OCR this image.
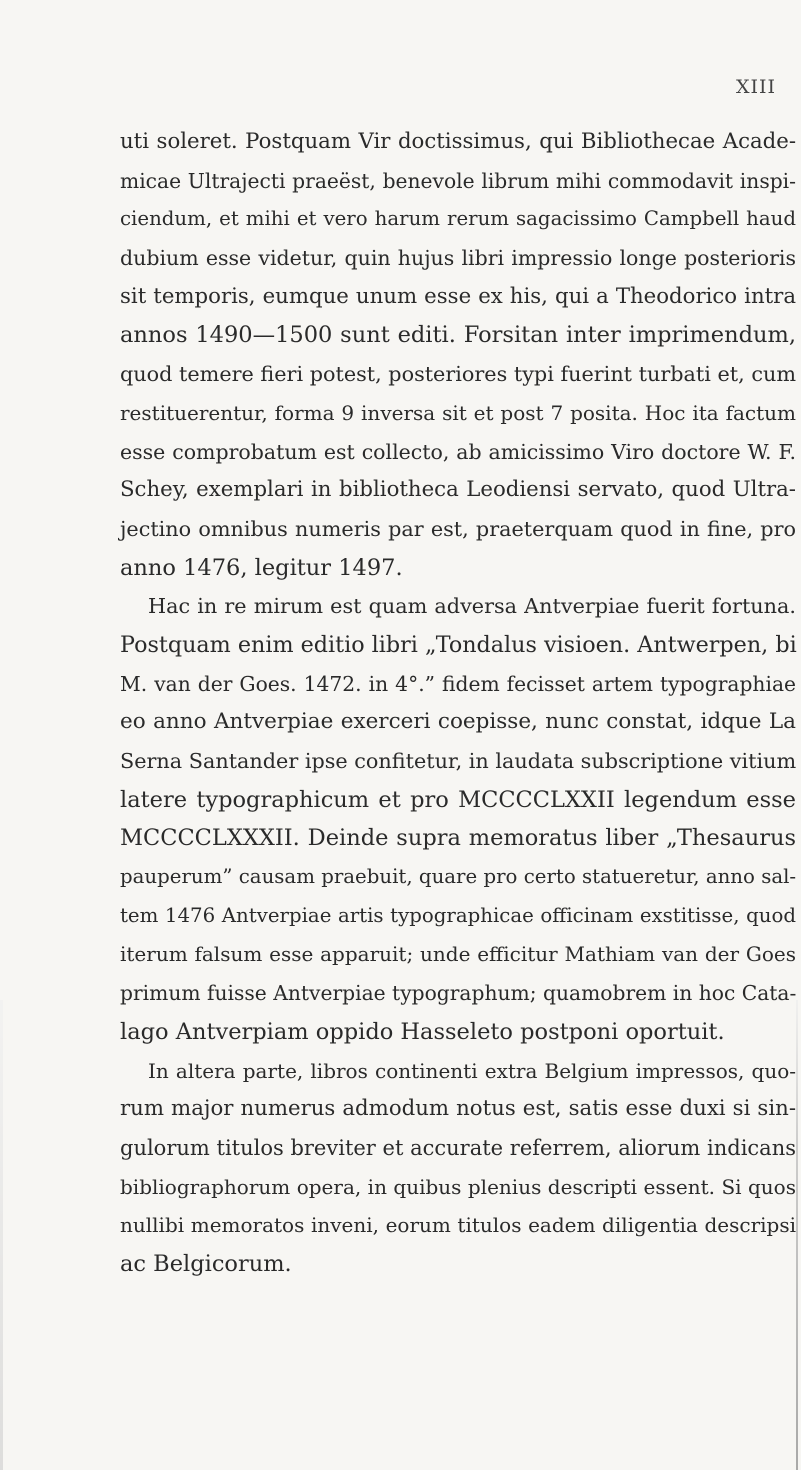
XIII
uti soleret. Postquam Vir doctissimus, qui Bibliothecae Acade-
micae Ultrajecti praeëst, benevole librum mihi commodavit inspi-
ciendum, et mihi et vero harum rerum sagacissimo Campbell haud
dubium esse videtur, quin hujus libri impressio longe posterioris
sit temporis, eumque unum esse ex his, qui a Theodorico intra
annos 1490—1500 sunt editi. Forsitan inter imprimendum,
quod temere fieri potest, posteriores typi fuerint turbati et, cum
restituerentur, forma 9 inversa sit et post 7 posita. Hoc ita factum
esse comprobatum est collecto, ab amicissimo Viro doctore W. F.
Schey, exemplari in bibliotheca Leodiensi servato, quod Ultra-
jectino omnibus numeris par est, praeterquam quod in fine, pro
anno 1476, legitur 1497.
Hac in re mirum est quam adversa Antverpiae fuerit fortuna.
Postquam enim editio libri „Tondalus visioen. Antwerpen, bi
M. van der Goes. 1472. in 4°.” fidem fecisset artem typographiae
eo anno Antverpiae exerceri coepisse, nunc constat, idque La
Serna Santander ipse confitetur, in laudata subscriptione vitium
latere typographicum et pro MCCCCLXXII legendum esse
MCCCCLXXXII. Deinde supra memoratus liber „Thesaurus
pauperum” causam praebuit, quare pro certo statueretur, anno sal-
tem 1476 Antverpiae artis typographicae officinam exstitisse, quod
iterum falsum esse apparuit; unde efficitur Mathiam van der Goes
primum fuisse Antverpiae typographum; quamobrem in hoc Cata-
lago Antverpiam oppido Hasseleto postponi oportuit.
In altera parte, libros continenti extra Belgium impressos, quo-
rum major numerus admodum notus est, satis esse duxi si sin-
gulorum titulos breviter et accurate referrem, aliorum indicans
bibliographorum opera, in quibus plenius descripti essent. Si quos
nullibi memoratos inveni, eorum titulos eadem diligentia descripsi
ac Belgicorum.
